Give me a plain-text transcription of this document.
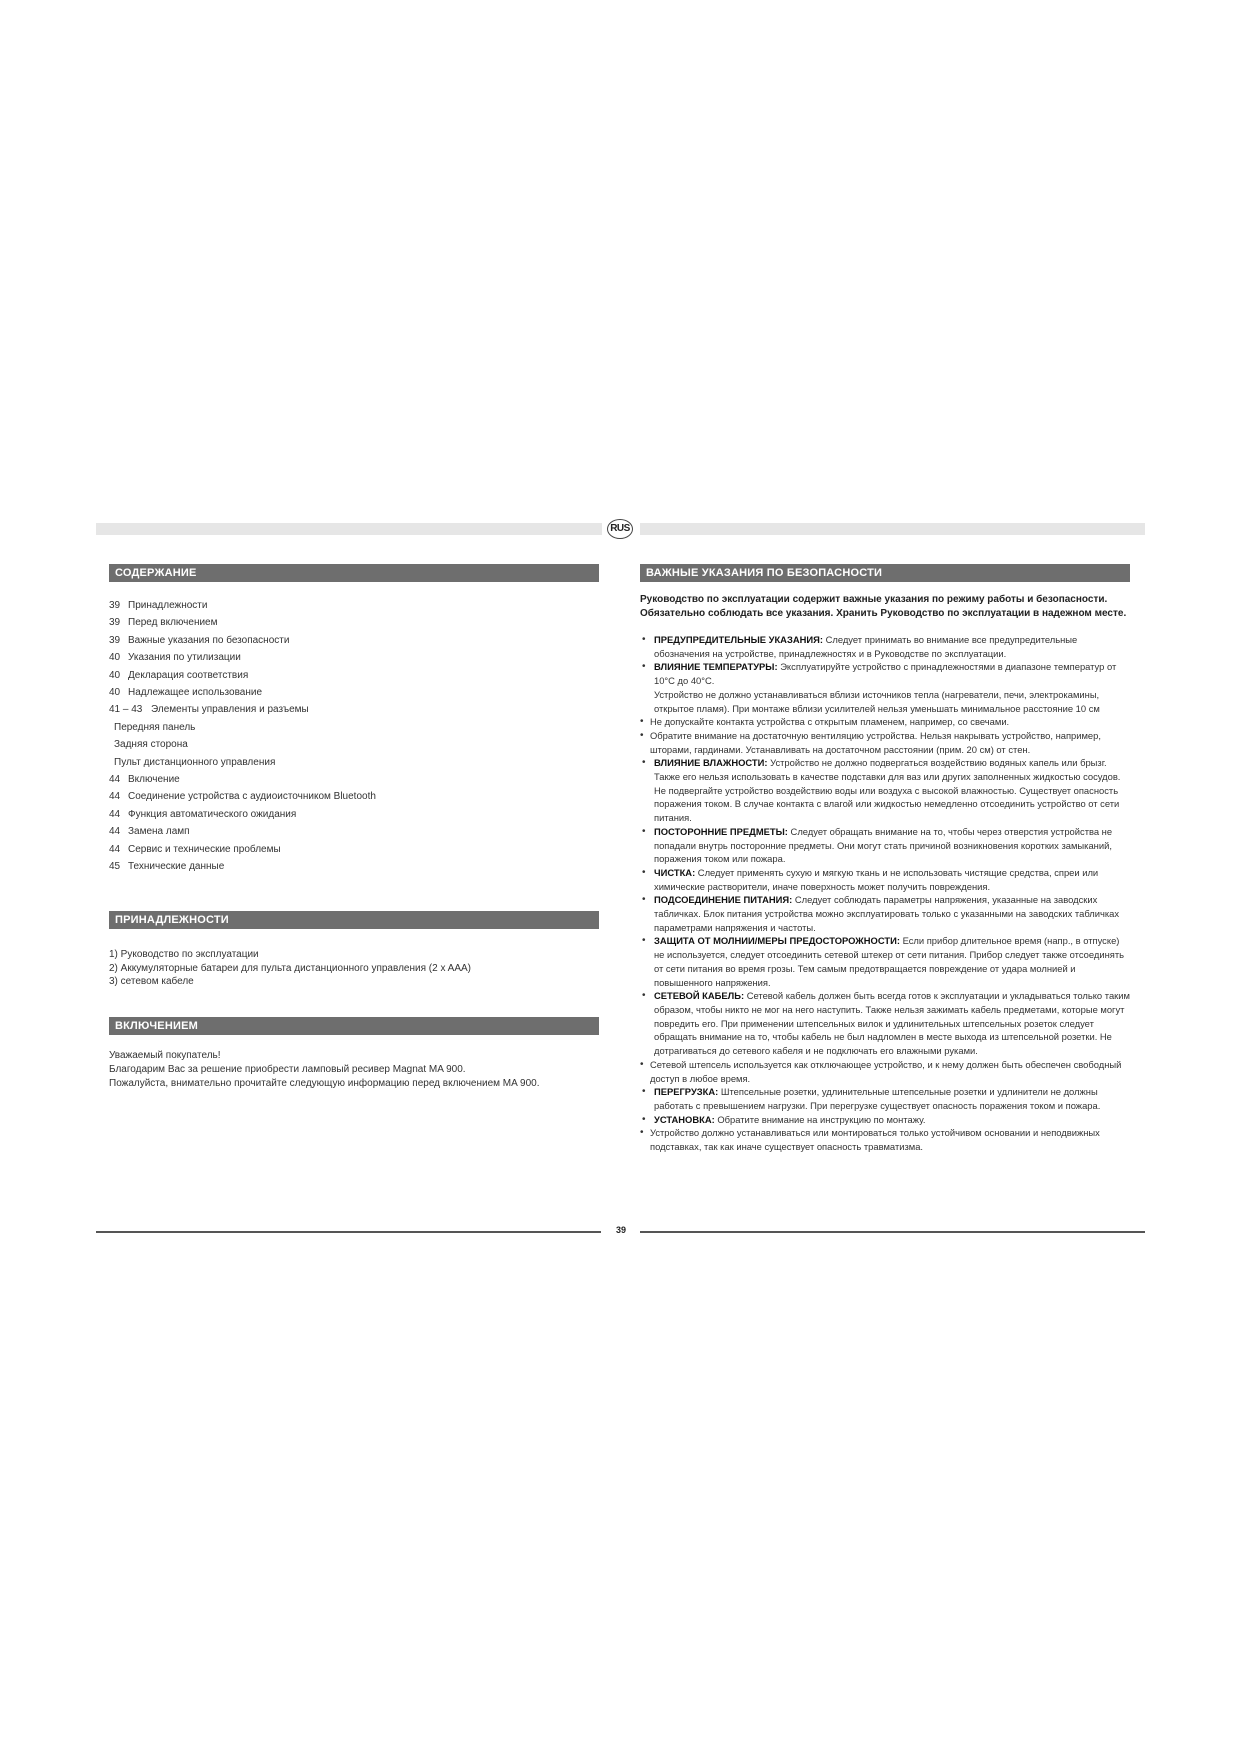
RUS
СОДЕРЖАНИЕ
39 Принадлежности
39 Перед включением
39 Важные указания по безопасности
40 Указания по утилизации
40 Декларация соответствия
40 Надлежащее использование
41 – 43 Элементы управления и разъемы
Передняя панель
Задняя сторона
Пульт дистанционного управления
44 Включение
44 Соединение устройства с аудиоисточником Bluetooth
44 Функция автоматического ожидания
44 Замена ламп
44 Сервис и технические проблемы
45 Технические данные
ПРИНАДЛЕЖНОСТИ
1) Руководство по эксплуатации
2) Аккумуляторные батареи для пульта дистанционного управления (2 x AAA)
3) сетевом кабеле
ВКЛЮЧЕНИЕМ
Уважаемый покупатель!
Благодарим Вас за решение приобрести ламповый ресивер Magnat MA 900.
Пожалуйста, внимательно прочитайте следующую информацию перед включением MA 900.
ВАЖНЫЕ УКАЗАНИЯ ПО БЕЗОПАСНОСТИ
Руководство по эксплуатации содержит важные указания по режиму работы и безопасности. Обязательно соблюдать все указания. Хранить Руководство по эксплуатации в надежном месте.
• ПРЕДУПРЕДИТЕЛЬНЫЕ УКАЗАНИЯ: Следует принимать во внимание все предупредительные обозначения на устройстве, принадлежностях и в Руководстве по эксплуатации.
• ВЛИЯНИЕ ТЕМПЕРАТУРЫ: Эксплуатируйте устройство с принадлежностями в диапазоне температур от 10°C до 40°C.
Устройство не должно устанавливаться вблизи источников тепла (нагреватели, печи, электрокамины, открытое пламя). При монтаже вблизи усилителей нельзя уменьшать минимальное расстояние 10 см
• Не допускайте контакта устройства с открытым пламенем, например, со свечами.
• Обратите внимание на достаточную вентиляцию устройства. Нельзя накрывать устройство, например, шторами, гардинами. Устанавливать на достаточном расстоянии (прим. 20 см) от стен.
• ВЛИЯНИЕ ВЛАЖНОСТИ: Устройство не должно подвергаться воздействию водяных капель или брызг. Также его нельзя использовать в качестве подставки для ваз или других заполненных жидкостью сосудов. Не подвергайте устройство воздействию воды или воздуха с высокой влажностью. Существует опасность поражения током. В случае контакта с влагой или жидкостью немедленно отсоединить устройство от сети питания.
• ПОСТОРОННИЕ ПРЕДМЕТЫ: Следует обращать внимание на то, чтобы через отверстия устройства не попадали внутрь посторонние предметы. Они могут стать причиной возникновения коротких замыканий, поражения током или пожара.
• ЧИСТКА: Следует применять сухую и мягкую ткань и не использовать чистящие средства, спреи или химические растворители, иначе поверхность может получить повреждения.
• ПОДСОЕДИНЕНИЕ ПИТАНИЯ: Следует соблюдать параметры напряжения, указанные на заводских табличках. Блок питания устройства можно эксплуатировать только с указанными на заводских табличках параметрами напряжения и частоты.
• ЗАЩИТА ОТ МОЛНИИ/МЕРЫ ПРЕДОСТОРОЖНОСТИ: Если прибор длительное время (напр., в отпуске) не используется, следует отсоединить сетевой штекер от сети питания. Прибор следует также отсоединять от сети питания во время грозы. Тем самым предотвращается повреждение от удара молнией и повышенного напряжения.
• СЕТЕВОЙ КАБЕЛЬ: Сетевой кабель должен быть всегда готов к эксплуатации и укладываться только таким образом, чтобы никто не мог на него наступить. Также нельзя зажимать кабель предметами, которые могут повредить его. При применении штепсельных вилок и удлинительных штепсельных розеток следует обращать внимание на то, чтобы кабель не был надломлен в месте выхода из штепсельной розетки. Не дотрагиваться до сетевого кабеля и не подключать его влажными руками.
• Сетевой штепсель используется как отключающее устройство, и к нему должен быть обеспечен свободный доступ в любое время.
• ПЕРЕГРУЗКА: Штепсельные розетки, удлинительные штепсельные розетки и удлинители не должны работать с превышением нагрузки. При перегрузке существует опасность поражения током и пожара.
• УСТАНОВКА: Обратите внимание на инструкцию по монтажу.
• Устройство должно устанавливаться или монтироваться только устойчивом основании и неподвижных подставках, так как иначе существует опасность травматизма.
39
